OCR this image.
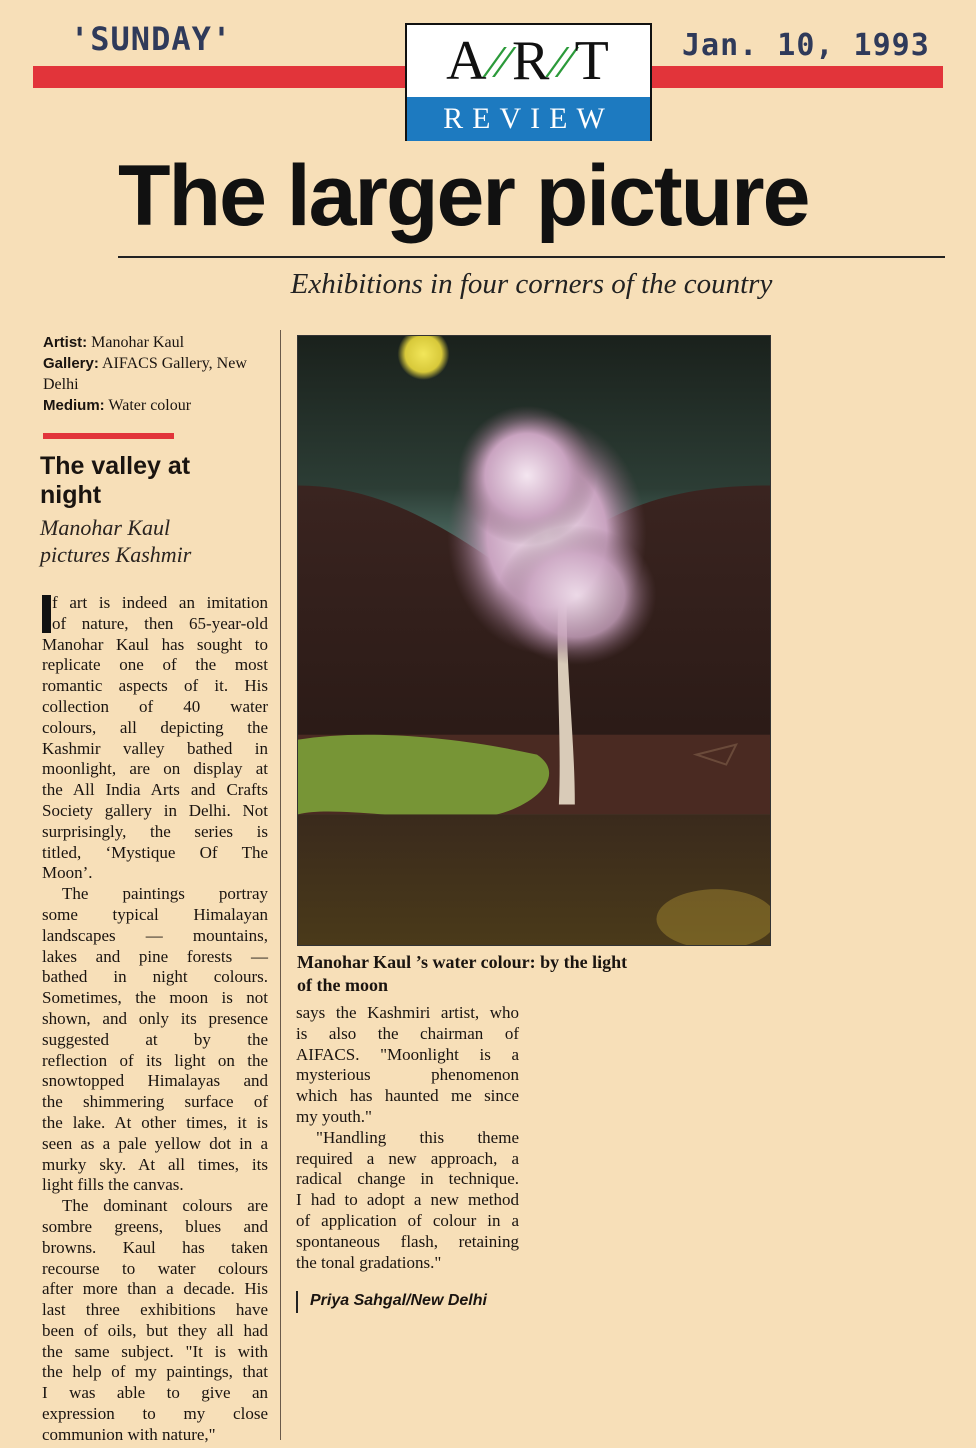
'SUNDAY'	Jan. 10, 1993
A ⁄⁄ R ⁄⁄ T
REVIEW
The larger picture
Exhibitions in four corners of the country
Artist: Manohar Kaul
Gallery: AIFACS Gallery, New
Delhi
Medium: Water colour
The valley at
night
Manohar Kaul
pictures Kashmir
f art is indeed an imitation
of nature, then 65-year-old
Manohar Kaul has sought to
replicate one of the most
romantic aspects of it. His
collection of 40 water
colours, all depicting the
Kashmir valley bathed in
moonlight, are on display at
the All India Arts and Crafts
Society gallery in Delhi. Not
surprisingly, the series is
titled, ‘Mystique Of The
Moon’.
The paintings portray
some typical Himalayan
landscapes — mountains,
lakes and pine forests —
bathed in night colours.
Sometimes, the moon is not
shown, and only its presence
suggested at by the
reflection of its light on the
snowtopped Himalayas and
the shimmering surface of
the lake. At other times, it is
seen as a pale yellow dot in a
murky sky. At all times, its
light fills the canvas.
The dominant colours are
sombre greens, blues and
browns. Kaul has taken
recourse to water colours
after more than a decade. His
last three exhibitions have
been of oils, but they all had
the same subject. "It is with
the help of my paintings, that
I was able to give an
expression to my close
communion with nature,"
Manohar Kaul ’s water colour: by the light
of the moon
says the Kashmiri artist, who
is also the chairman of
AIFACS. "Moonlight is a
mysterious phenomenon
which has haunted me since
my youth."
"Handling this theme
required a new approach, a
radical change in technique.
I had to adopt a new method
of application of colour in a
spontaneous flash, retaining
the tonal gradations."
Priya Sahgal/New Delhi
